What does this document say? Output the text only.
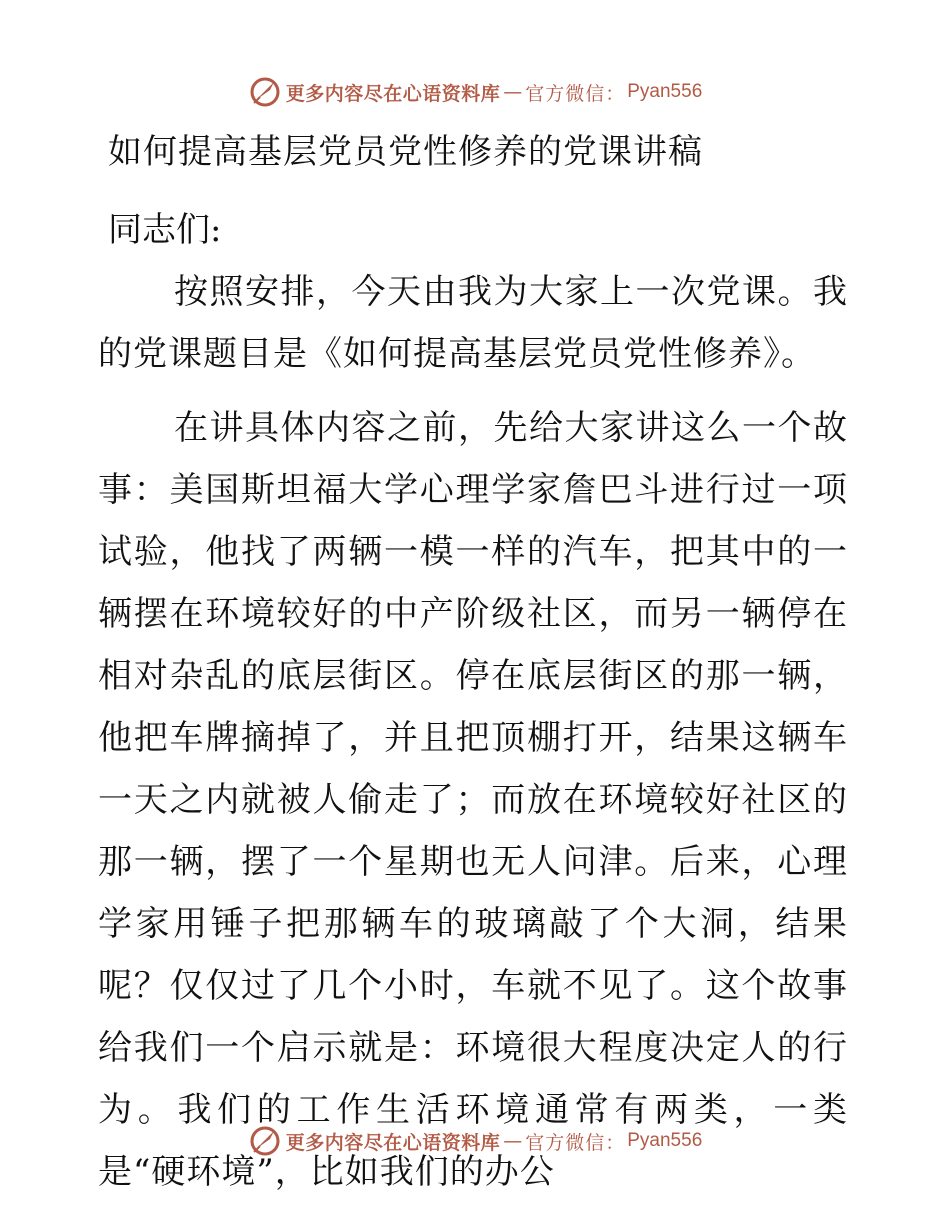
更多内容尽在心语资料库 — 官方微信： Pyan556
如何提高基层党员党性修养的党课讲稿
同志们:

按照安排，今天由我为大家上一次党课。我的党课题目是《如何提高基层党员党性修养》。

在讲具体内容之前，先给大家讲这么一个故事：美国斯坦福大学心理学家詹巴斗进行过一项试验，他找了两辆一模一样的汽车，把其中的一辆摆在环境较好的中产阶级社区，而另一辆停在相对杂乱的底层街区。停在底层街区的那一辆，他把车牌摘掉了，并且把顶棚打开，结果这辆车一天之内就被人偷走了；而放在环境较好社区的那一辆，摆了一个星期也无人问津。后来，心理学家用锤子把那辆车的玻璃敲了个大洞，结果呢？仅仅过了几个小时，车就不见了。这个故事给我们一个启示就是：环境很大程度决定人的行为。我们的工作生活环境通常有两类，一类是“硬环境”，比如我们的办公

更多内容尽在心语资料库 — 官方微信： Pyan556
